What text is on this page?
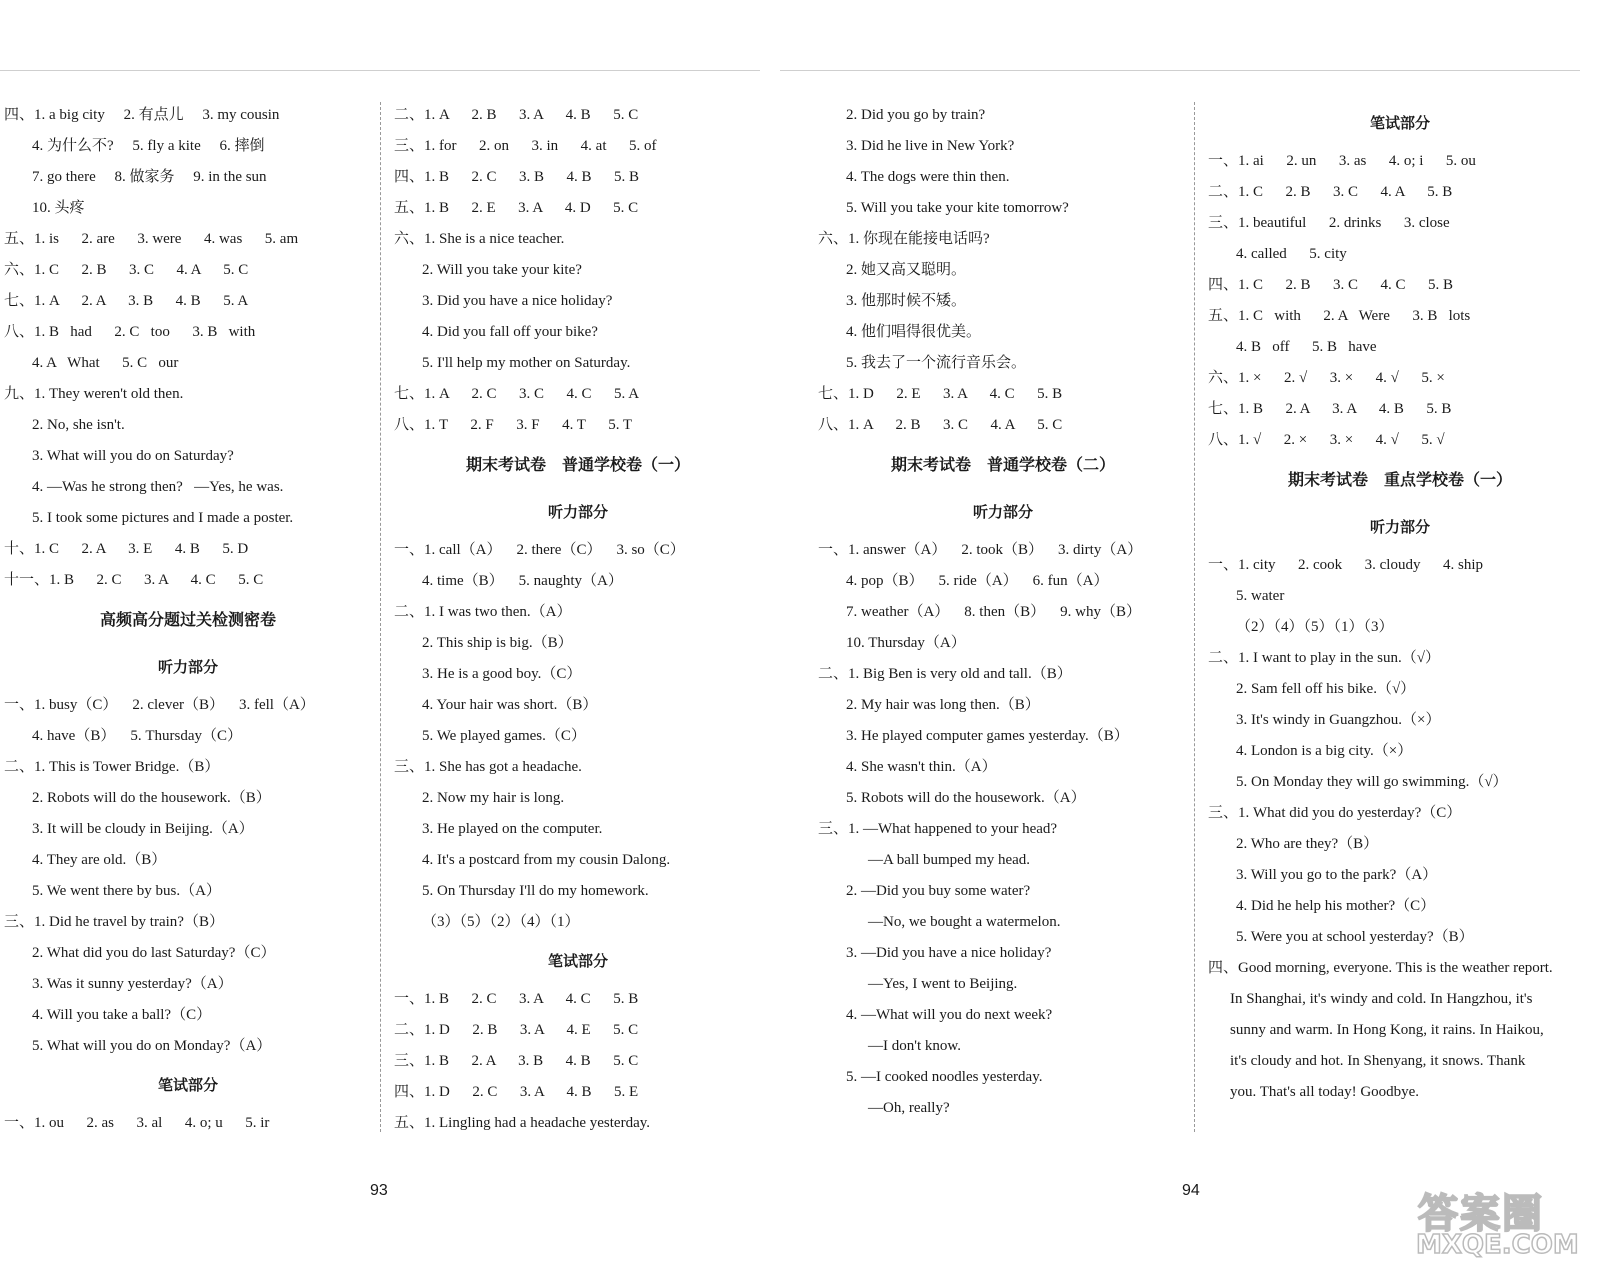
四、1. a big city     2. 有点儿     3. my cousin
4. 为什么不?     5. fly a kite     6. 摔倒
7. go there     8. 做家务     9. in the sun
10. 头疼
五、1. is      2. are      3. were      4. was      5. am
六、1. C      2. B      3. C      4. A      5. C
七、1. A      2. A      3. B      4. B      5. A
八、1. B   had      2. C   too      3. B   with
4. A   What      5. C   our
九、1. They weren't old then.
2. No, she isn't.
3. What will you do on Saturday?
4. —Was he strong then?   —Yes, he was.
5. I took some pictures and I made a poster.
十、1. C      2. A      3. E      4. B      5. D
十一、1. B      2. C      3. A      4. C      5. C
高频高分题过关检测密卷
听力部分
一、1. busy（C）    2. clever（B）    3. fell（A）
4. have（B）    5. Thursday（C）
二、1. This is Tower Bridge.（B）
2. Robots will do the housework.（B）
3. It will be cloudy in Beijing.（A）
4. They are old.（B）
5. We went there by bus.（A）
三、1. Did he travel by train?（B）
2. What did you do last Saturday?（C）
3. Was it sunny yesterday?（A）
4. Will you take a ball?（C）
5. What will you do on Monday?（A）
笔试部分
一、1. ou      2. as      3. al      4. o; u      5. ir
二、1. A      2. B      3. A      4. B      5. C
三、1. for      2. on      3. in      4. at      5. of
四、1. B      2. C      3. B      4. B      5. B
五、1. B      2. E      3. A      4. D      5. C
六、1. She is a nice teacher.
2. Will you take your kite?
3. Did you have a nice holiday?
4. Did you fall off your bike?
5. I'll help my mother on Saturday.
七、1. A      2. C      3. C      4. C      5. A
八、1. T      2. F      3. F      4. T      5. T
期末考试卷　普通学校卷（一）
听力部分
一、1. call（A）    2. there（C）    3. so（C）
4. time（B）    5. naughty（A）
二、1. I was two then.（A）
2. This ship is big.（B）
3. He is a good boy.（C）
4. Your hair was short.（B）
5. We played games.（C）
三、1. She has got a headache.
2. Now my hair is long.
3. He played on the computer.
4. It's a postcard from my cousin Dalong.
5. On Thursday I'll do my homework.
（3）（5）（2）（4）（1）
笔试部分
一、1. B      2. C      3. A      4. C      5. B
二、1. D      2. B      3. A      4. E      5. C
三、1. B      2. A      3. B      4. B      5. C
四、1. D      2. C      3. A      4. B      5. E
五、1. Lingling had a headache yesterday.
2. Did you go by train?
3. Did he live in New York?
4. The dogs were thin then.
5. Will you take your kite tomorrow?
六、1. 你现在能接电话吗?
2. 她又高又聪明。
3. 他那时候不矮。
4. 他们唱得很优美。
5. 我去了一个流行音乐会。
七、1. D      2. E      3. A      4. C      5. B
八、1. A      2. B      3. C      4. A      5. C
期末考试卷　普通学校卷（二）
听力部分
一、1. answer（A）    2. took（B）    3. dirty（A）
4. pop（B）    5. ride（A）    6. fun（A）
7. weather（A）    8. then（B）    9. why（B）
10. Thursday（A）
二、1. Big Ben is very old and tall.（B）
2. My hair was long then.（B）
3. He played computer games yesterday.（B）
4. She wasn't thin.（A）
5. Robots will do the housework.（A）
三、1. —What happened to your head?
—A ball bumped my head.
2. —Did you buy some water?
—No, we bought a watermelon.
3. —Did you have a nice holiday?
—Yes, I went to Beijing.
4. —What will you do next week?
—I don't know.
5. —I cooked noodles yesterday.
—Oh, really?
笔试部分
一、1. ai      2. un      3. as      4. o; i      5. ou
二、1. C      2. B      3. C      4. A      5. B
三、1. beautiful      2. drinks      3. close
4. called      5. city
四、1. C      2. B      3. C      4. C      5. B
五、1. C   with      2. A   Were      3. B   lots
4. B   off      5. B   have
六、1. ×      2. √      3. ×      4. √      5. ×
七、1. B      2. A      3. A      4. B      5. B
八、1. √      2. ×      3. ×      4. √      5. √
期末考试卷　重点学校卷（一）
听力部分
一、1. city      2. cook      3. cloudy      4. ship
5. water
（2）（4）（5）（1）（3）
二、1. I want to play in the sun.（√）
2. Sam fell off his bike.（√）
3. It's windy in Guangzhou.（×）
4. London is a big city.（×）
5. On Monday they will go swimming.（√）
三、1. What did you do yesterday?（C）
2. Who are they?（B）
3. Will you go to the park?（A）
4. Did he help his mother?（C）
5. Were you at school yesterday?（B）
四、Good morning, everyone. This is the weather report.
In Shanghai, it's windy and cold. In Hangzhou, it's
sunny and warm. In Hong Kong, it rains. In Haikou,
it's cloudy and hot. In Shenyang, it snows. Thank
you. That's all today! Goodbye.
93	94
答案圈
MXQE.COM
